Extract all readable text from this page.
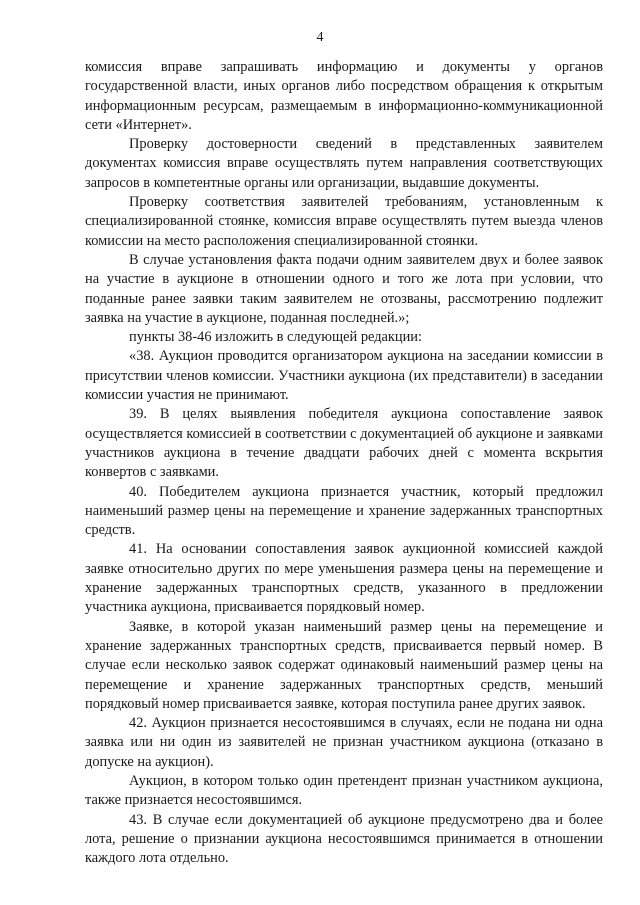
4

комиссия вправе запрашивать информацию и документы у органов государственной власти, иных органов либо посредством обращения к открытым информационным ресурсам, размещаемым в информационно-коммуникационной сети «Интернет».

Проверку достоверности сведений в представленных заявителем документах комиссия вправе осуществлять путем направления соответствующих запросов в компетентные органы или организации, выдавшие документы.

Проверку соответствия заявителей требованиям, установленным к специализированной стоянке, комиссия вправе осуществлять путем выезда членов комиссии на место расположения специализированной стоянки.

В случае установления факта подачи одним заявителем двух и более заявок на участие в аукционе в отношении одного и того же лота при условии, что поданные ранее заявки таким заявителем не отозваны, рассмотрению подлежит заявка на участие в аукционе, поданная последней.»;

пункты 38-46 изложить в следующей редакции:

«38. Аукцион проводится организатором аукциона на заседании комиссии в присутствии членов комиссии. Участники аукциона (их представители) в заседании комиссии участия не принимают.

39. В целях выявления победителя аукциона сопоставление заявок осуществляется комиссией в соответствии с документацией об аукционе и заявками участников аукциона в течение двадцати рабочих дней с момента вскрытия конвертов с заявками.

40. Победителем аукциона признается участник, который предложил наименьший размер цены на перемещение и хранение задержанных транспортных средств.

41. На основании сопоставления заявок аукционной комиссией каждой заявке относительно других по мере уменьшения размера цены на перемещение и хранение задержанных транспортных средств, указанного в предложении участника аукциона, присваивается порядковый номер.

Заявке, в которой указан наименьший размер цены на перемещение и хранение задержанных транспортных средств, присваивается первый номер. В случае если несколько заявок содержат одинаковый наименьший размер цены на перемещение и хранение задержанных транспортных средств, меньший порядковый номер присваивается заявке, которая поступила ранее других заявок.

42. Аукцион признается несостоявшимся в случаях, если не подана ни одна заявка или ни один из заявителей не признан участником аукциона (отказано в допуске на аукцион).

Аукцион, в котором только один претендент признан участником аукциона, также признается несостоявшимся.

43. В случае если документацией об аукционе предусмотрено два и более лота, решение о признании аукциона несостоявшимся принимается в отношении каждого лота отдельно.
